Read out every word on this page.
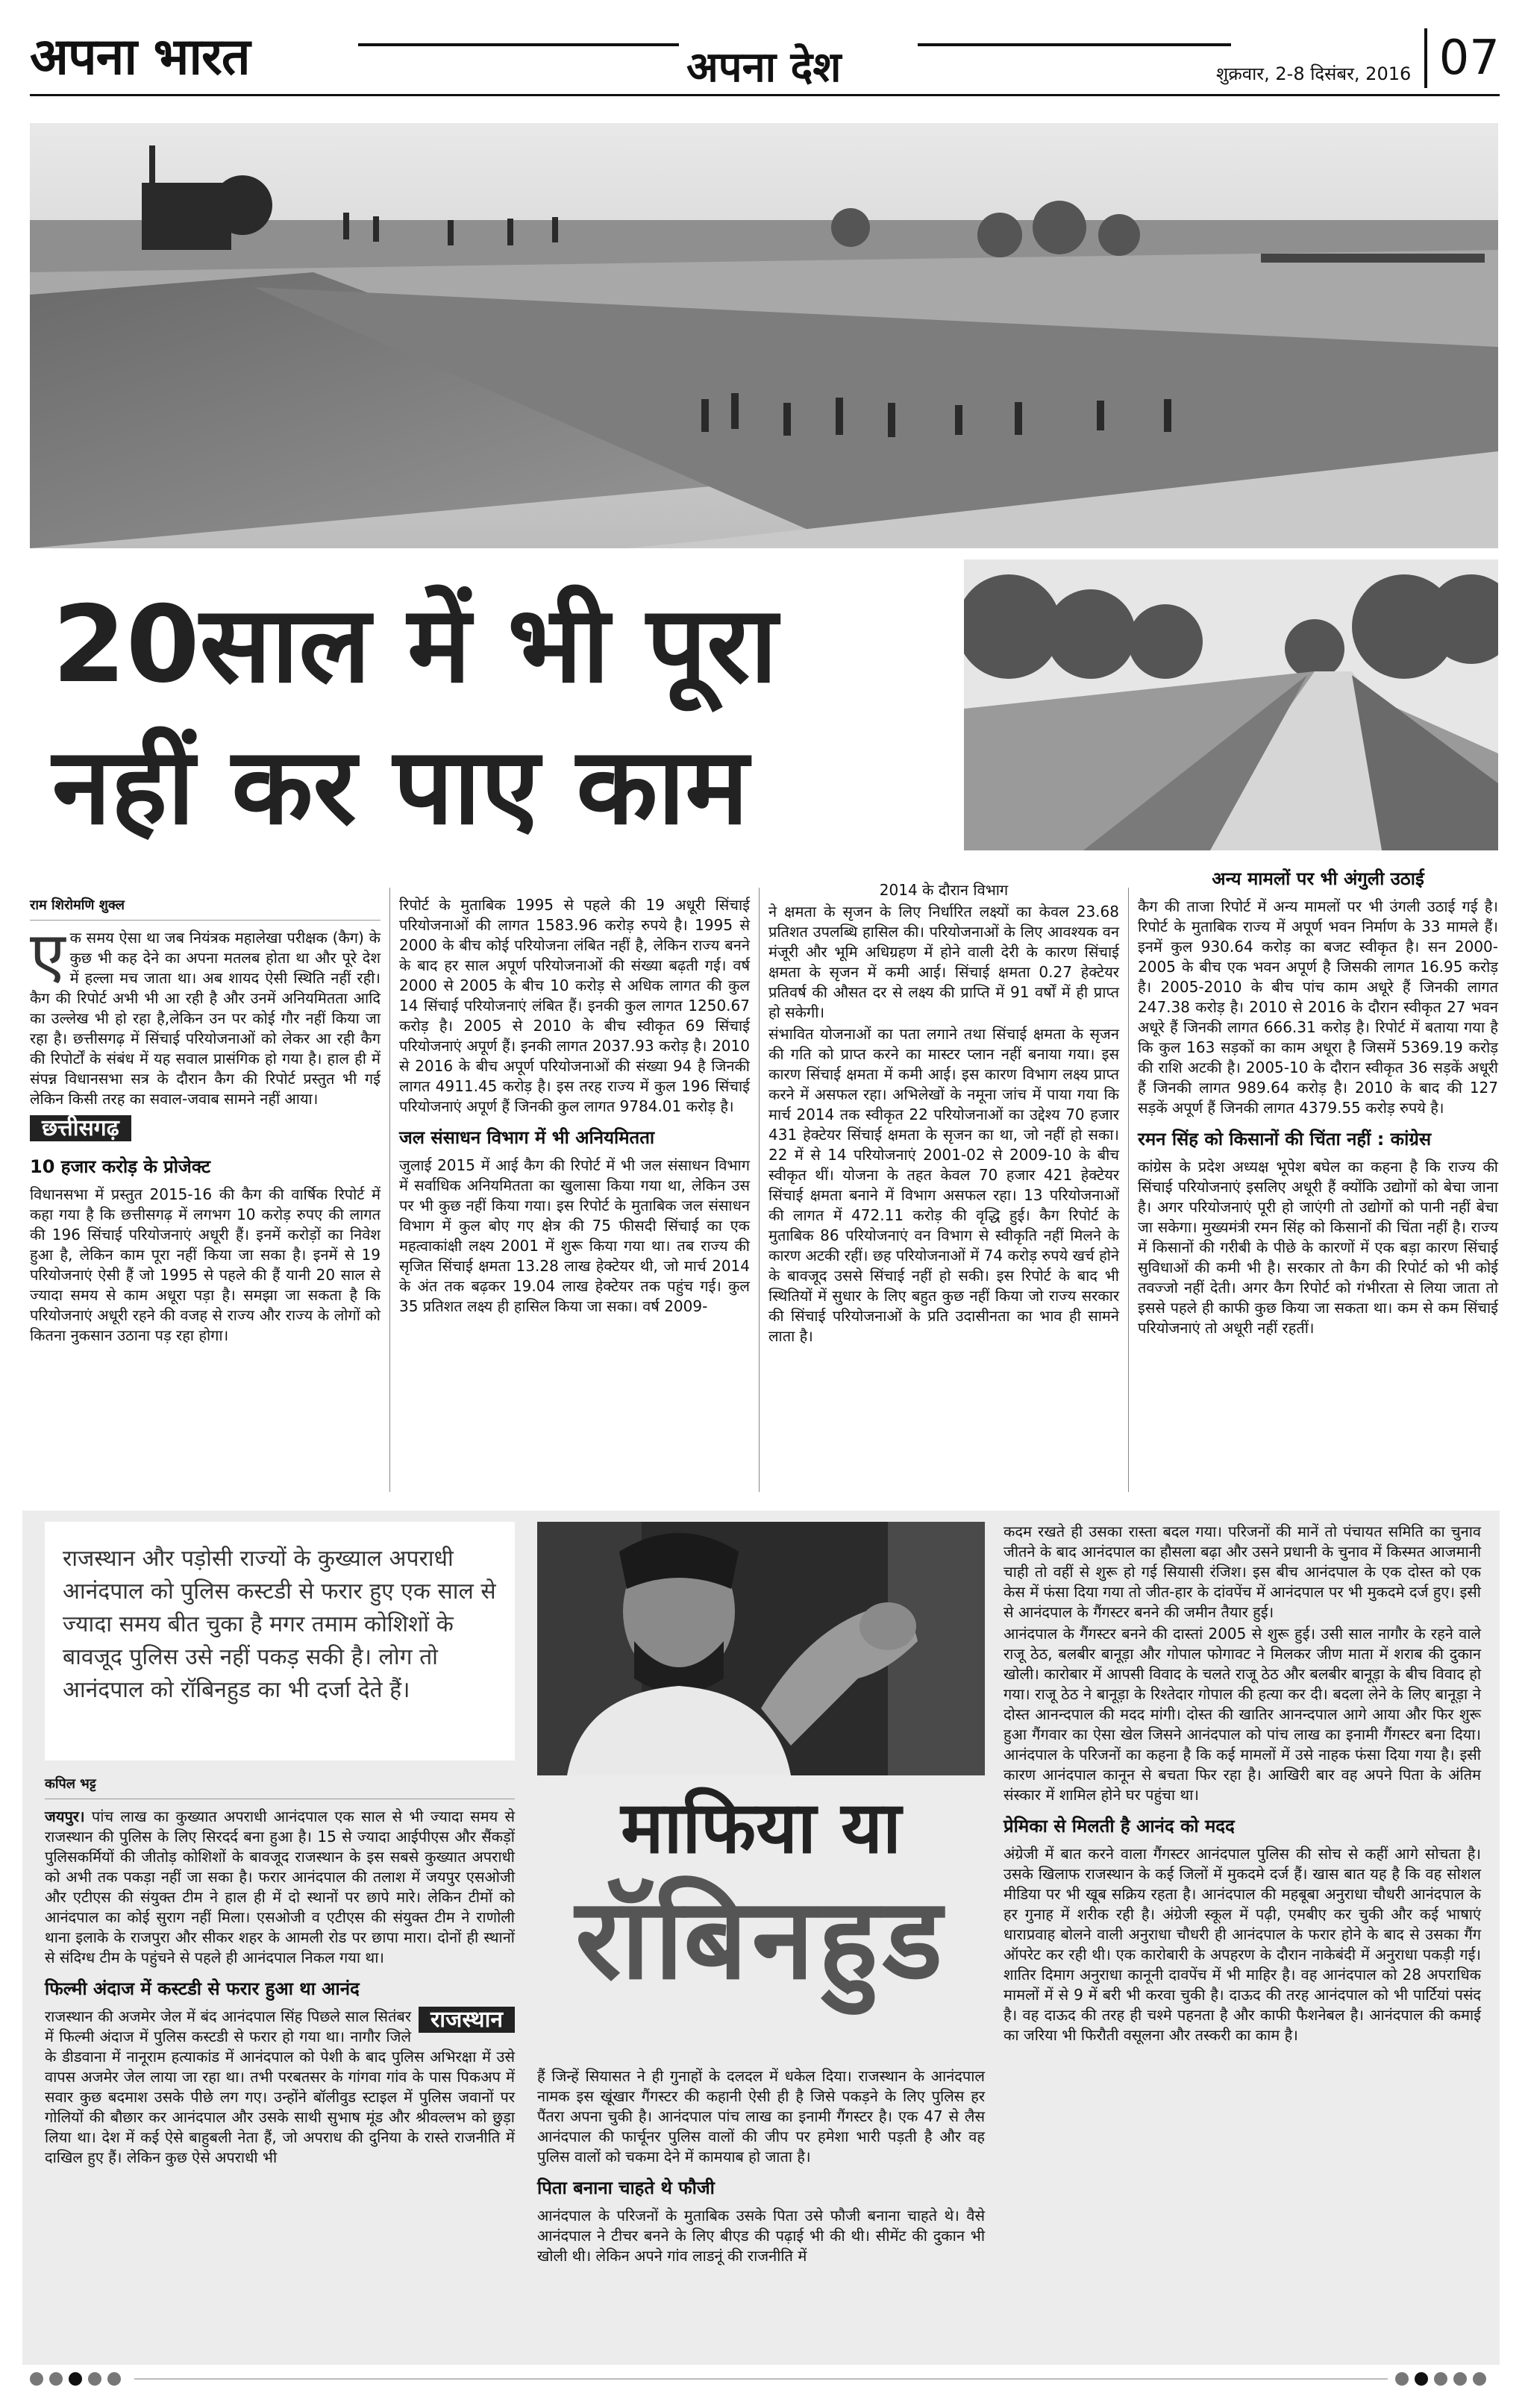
अपना भारत	अपना देश	शुक्रवार, 2-8 दिसंबर, 2016 07
20साल में भी पूरा
नहीं कर पाए काम
राम शिरोमणि शुक्ल

एक समय ऐसा था जब नियंत्रक महालेखा परीक्षक (कैग) के कुछ भी कह देने का अपना मतलब होता था और पूरे देश में हल्ला मच जाता था। अब शायद ऐसी स्थिति नहीं रही। कैग की रिपोर्ट अभी भी आ रही है और उनमें अनियमितता आदि का उल्लेख भी हो रहा है,लेकिन उन पर कोई गौर नहीं किया जा रहा है। छत्तीसगढ़ में सिंचाई परियोजनाओं को लेकर आ रही कैग की रिपोर्टों के संबंध में यह सवाल प्रासंगिक हो गया है। हाल ही में संपन्न विधानसभा सत्र के दौरान कैग की रिपोर्ट प्रस्तुत भी गई लेकिन किसी तरह का सवाल-जवाब सामने नहीं आया।

छत्तीसगढ़
10 हजार करोड़ के प्रोजेक्ट

विधानसभा में प्रस्तुत 2015-16 की कैग की वार्षिक रिपोर्ट में कहा गया है कि छत्तीसगढ़ में लगभग 10 करोड़ रुपए की लागत की 196 सिंचाई परियोजनाएं अधूरी हैं। इनमें करोड़ों का निवेश हुआ है, लेकिन काम पूरा नहीं किया जा सका है। इनमें से 19 परियोजनाएं ऐसी हैं जो 1995 से पहले की हैं यानी 20 साल से ज्यादा समय से काम अधूरा पड़ा है। समझा जा सकता है कि परियोजनाएं अधूरी रहने की वजह से राज्य और राज्य के लोगों को कितना नुकसान उठाना पड़ रहा होगा।

रिपोर्ट के मुताबिक 1995 से पहले की 19 अधूरी सिंचाई परियोजनाओं की लागत 1583.96 करोड़ रुपये है। 1995 से 2000 के बीच कोई परियोजना लंबित नहीं है, लेकिन राज्य बनने के बाद हर साल अपूर्ण परियोजनाओं की संख्या बढ़ती गई। वर्ष 2000 से 2005 के बीच 10 करोड़ से अधिक लागत की कुल 14 सिंचाई परियोजनाएं लंबित हैं। इनकी कुल लागत 1250.67 करोड़ है। 2005 से 2010 के बीच स्वीकृत 69 सिंचाई परियोजनाएं अपूर्ण हैं। इनकी लागत 2037.93 करोड़ है। 2010 से 2016 के बीच अपूर्ण परियोजनाओं की संख्या 94 है जिनकी लागत 4911.45 करोड़ है। इस तरह राज्य में कुल 196 सिंचाई परियोजनाएं अपूर्ण हैं जिनकी कुल लागत 9784.01 करोड़ है।

जल संसाधन विभाग में भी अनियमितता

जुलाई 2015 में आई कैग की रिपोर्ट में भी जल संसाधन विभाग में सर्वाधिक अनियमितता का खुलासा किया गया था, लेकिन उस पर भी कुछ नहीं किया गया। इस रिपोर्ट के मुताबिक जल संसाधन विभाग में कुल बोए गए क्षेत्र की 75 फीसदी सिंचाई का एक महत्वाकांक्षी लक्ष्य 2001 में शुरू किया गया था। तब राज्य की सृजित सिंचाई क्षमता 13.28 लाख हेक्टेयर थी, जो मार्च 2014 के अंत तक बढ़कर 19.04 लाख हेक्टेयर तक पहुंच गई। कुल 35 प्रतिशत लक्ष्य ही हासिल किया जा सका। वर्ष 2009-

2014 के दौरान विभाग

ने क्षमता के सृजन के लिए निर्धारित लक्ष्यों का केवल 23.68 प्रतिशत उपलब्धि हासिल की। परियोजनाओं के लिए आवश्यक वन मंजूरी और भूमि अधिग्रहण में होने वाली देरी के कारण सिंचाई क्षमता के सृजन में कमी आई। सिंचाई क्षमता 0.27 हेक्टेयर प्रतिवर्ष की औसत दर से लक्ष्य की प्राप्ति में 91 वर्षों में ही प्राप्त हो सकेगी।

संभावित योजनाओं का पता लगाने तथा सिंचाई क्षमता के सृजन की गति को प्राप्त करने का मास्टर प्लान नहीं बनाया गया। इस कारण सिंचाई क्षमता में कमी आई। इस कारण विभाग लक्ष्य प्राप्त करने में असफल रहा। अभिलेखों के नमूना जांच में पाया गया कि मार्च 2014 तक स्वीकृत 22 परियोजनाओं का उद्देश्य 70 हजार 431 हेक्टेयर सिंचाई क्षमता के सृजन का था, जो नहीं हो सका। 22 में से 14 परियोजनाएं 2001-02 से 2009-10 के बीच स्वीकृत थीं। योजना के तहत केवल 70 हजार 421 हेक्टेयर सिंचाई क्षमता बनाने में विभाग असफल रहा। 13 परियोजनाओं की लागत में 472.11 करोड़ की वृद्धि हुई। कैग रिपोर्ट के मुताबिक 86 परियोजनाएं वन विभाग से स्वीकृति नहीं मिलने के कारण अटकी रहीं। छह परियोजनाओं में 74 करोड़ रुपये खर्च होने के बावजूद उससे सिंचाई नहीं हो सकी। इस रिपोर्ट के बाद भी स्थितियों में सुधार के लिए बहुत कुछ नहीं किया जो राज्य सरकार की सिंचाई परियोजनाओं के प्रति उदासीनता का भाव ही सामने लाता है।

अन्य मामलों पर भी अंगुली उठाई

कैग की ताजा रिपोर्ट में अन्य मामलों पर भी उंगली उठाई गई है। रिपोर्ट के मुताबिक राज्य में अपूर्ण भवन निर्माण के 33 मामले हैं। इनमें कुल 930.64 करोड़ का बजट स्वीकृत है। सन 2000-2005 के बीच एक भवन अपूर्ण है जिसकी लागत 16.95 करोड़ है। 2005-2010 के बीच पांच काम अधूरे हैं जिनकी लागत 247.38 करोड़ है। 2010 से 2016 के दौरान स्वीकृत 27 भवन अधूरे हैं जिनकी लागत 666.31 करोड़ है। रिपोर्ट में बताया गया है कि कुल 163 सड़कों का काम अधूरा है जिसमें 5369.19 करोड़ की राशि अटकी है। 2005-10 के दौरान स्वीकृत 36 सड़कें अधूरी हैं जिनकी लागत 989.64 करोड़ है। 2010 के बाद की 127 सड़कें अपूर्ण हैं जिनकी लागत 4379.55 करोड़ रुपये है।

रमन सिंह को किसानों की चिंता नहीं : कांग्रेस

कांग्रेस के प्रदेश अध्यक्ष भूपेश बघेल का कहना है कि राज्य की सिंचाई परियोजनाएं इसलिए अधूरी हैं क्योंकि उद्योगों को बेचा जाना है। अगर परियोजनाएं पूरी हो जाएंगी तो उद्योगों को पानी नहीं बेचा जा सकेगा। मुख्यमंत्री रमन सिंह को किसानों की चिंता नहीं है। राज्य में किसानों की गरीबी के पीछे के कारणों में एक बड़ा कारण सिंचाई सुविधाओं की कमी भी है। सरकार तो कैग की रिपोर्ट को भी कोई तवज्जो नहीं देती। अगर कैग रिपोर्ट को गंभीरता से लिया जाता तो इससे पहले ही काफी कुछ किया जा सकता था। कम से कम सिंचाई परियोजनाएं तो अधूरी नहीं रहतीं।

राजस्थान और पड़ोसी राज्यों के कुख्याल अपराधी आनंदपाल को पुलिस कस्टडी से फरार हुए एक साल से ज्यादा समय बीत चुका है मगर तमाम कोशिशों के बावजूद पुलिस उसे नहीं पकड़ सकी है। लोग तो आनंदपाल को रॉबिनहुड का भी दर्जा देते हैं।
माफिया या
रॉबिनहुड
कपिल भट्ट

जयपुर। पांच लाख का कुख्यात अपराधी आनंदपाल एक साल से भी ज्यादा समय से राजस्थान की पुलिस के लिए सिरदर्द बना हुआ है। 15 से ज्यादा आईपीएस और सैंकड़ों पुलिसकर्मियों की जीतोड़ कोशिशों के बावजूद राजस्थान के इस सबसे कुख्यात अपराधी को अभी तक पकड़ा नहीं जा सका है। फरार आनंदपाल की तलाश में जयपुर एसओजी और एटीएस की संयुक्त टीम ने हाल ही में दो स्थानों पर छापे मारे। लेकिन टीमों को आनंदपाल का कोई सुराग नहीं मिला। एसओजी व एटीएस की संयुक्त टीम ने राणोली थाना इलाके के राजपुरा और सीकर शहर के आमली रोड पर छापा मारा। दोनों ही स्थानों से संदिग्ध टीम के पहुंचने से पहले ही आनंदपाल निकल गया था।

फिल्मी अंदाज में कस्टडी से फरार हुआ था आनंद
राजस्थान

राजस्थान की अजमेर जेल में बंद आनंदपाल सिंह पिछले साल सितंबर में फिल्मी अंदाज में पुलिस कस्टडी से फरार हो गया था। नागौर जिले के डीडवाना में नानूराम हत्याकांड में आनंदपाल को पेशी के बाद पुलिस अभिरक्षा में उसे वापस अजमेर जेल लाया जा रहा था। तभी परबतसर के गांगवा गांव के पास पिकअप में सवार कुछ बदमाश उसके पीछे लग गए। उन्होंने बॉलीवुड स्टाइल में पुलिस जवानों पर गोलियों की बौछार कर आनंदपाल और उसके साथी सुभाष मूंड और श्रीवल्लभ को छुड़ा लिया था। देश में कई ऐसे बाहुबली नेता हैं, जो अपराध की दुनिया के रास्ते राजनीति में दाखिल हुए हैं। लेकिन कुछ ऐसे अपराधी भी

हैं जिन्हें सियासत ने ही गुनाहों के दलदल में धकेल दिया। राजस्थान के आनंदपाल नामक इस खूंखार गैंगस्टर की कहानी ऐसी ही है जिसे पकड़ने के लिए पुलिस हर पैंतरा अपना चुकी है। आनंदपाल पांच लाख का इनामी गैंगस्टर है। एक 47 से लैस आनंदपाल की फार्चूनर पुलिस वालों की जीप पर हमेशा भारी पड़ती है और वह पुलिस वालों को चकमा देने में कामयाब हो जाता है।

पिता बनाना चाहते थे फौजी

आनंदपाल के परिजनों के मुताबिक उसके पिता उसे फौजी बनाना चाहते थे। वैसे आनंदपाल ने टीचर बनने के लिए बीएड की पढ़ाई भी की थी। सीमेंट की दुकान भी खोली थी। लेकिन अपने गांव लाडनूं की राजनीति में

कदम रखते ही उसका रास्ता बदल गया। परिजनों की मानें तो पंचायत समिति का चुनाव जीतने के बाद आनंदपाल का हौसला बढ़ा और उसने प्रधानी के चुनाव में किस्मत आजमानी चाही तो वहीं से शुरू हो गई सियासी रंजिश। इस बीच आनंदपाल के एक दोस्त को एक केस में फंसा दिया गया तो जीत-हार के दांवपेंच में आनंदपाल पर भी मुकदमे दर्ज हुए। इसी से आनंदपाल के गैंगस्टर बनने की जमीन तैयार हुई।

आनंदपाल के गैंगस्टर बनने की दास्तां 2005 से शुरू हुई। उसी साल नागौर के रहने वाले राजू ठेठ, बलबीर बानूड़ा और गोपाल फोगावट ने मिलकर जीण माता में शराब की दुकान खोली। कारोबार में आपसी विवाद के चलते राजू ठेठ और बलबीर बानूड़ा के बीच विवाद हो गया। राजू ठेठ ने बानूड़ा के रिश्तेदार गोपाल की हत्या कर दी। बदला लेने के लिए बानूड़ा ने दोस्त आनन्दपाल की मदद मांगी। दोस्त की खातिर आनन्दपाल आगे आया और फिर शुरू हुआ गैंगवार का ऐसा खेल जिसने आनंदपाल को पांच लाख का इनामी गैंगस्टर बना दिया। आनंदपाल के परिजनों का कहना है कि कई मामलों में उसे नाहक फंसा दिया गया है। इसी कारण आनंदपाल कानून से बचता फिर रहा है। आखिरी बार वह अपने पिता के अंतिम संस्कार में शामिल होने घर पहुंचा था।

प्रेमिका से मिलती है आनंद को मदद

अंग्रेजी में बात करने वाला गैंगस्टर आनंदपाल पुलिस की सोच से कहीं आगे सोचता है। उसके खिलाफ राजस्थान के कई जिलों में मुकदमे दर्ज हैं। खास बात यह है कि वह सोशल मीडिया पर भी खूब सक्रिय रहता है। आनंदपाल की महबूबा अनुराधा चौधरी आनंदपाल के हर गुनाह में शरीक रही है। अंग्रेजी स्कूल में पढ़ी, एमबीए कर चुकी और कई भाषाएं धाराप्रवाह बोलने वाली अनुराधा चौधरी ही आनंदपाल के फरार होने के बाद से उसका गैंग ऑपरेट कर रही थी। एक कारोबारी के अपहरण के दौरान नाकेबंदी में अनुराधा पकड़ी गई। शातिर दिमाग अनुराधा कानूनी दावपेंच में भी माहिर है। वह आनंदपाल को 28 अपराधिक मामलों में से 9 में बरी भी करवा चुकी है। दाऊद की तरह आनंदपाल को भी पार्टियां पसंद है। वह दाऊद की तरह ही चश्मे पहनता है और काफी फैशनेबल है। आनंदपाल की कमाई का जरिया भी फिरौती वसूलना और तस्करी का काम है।
